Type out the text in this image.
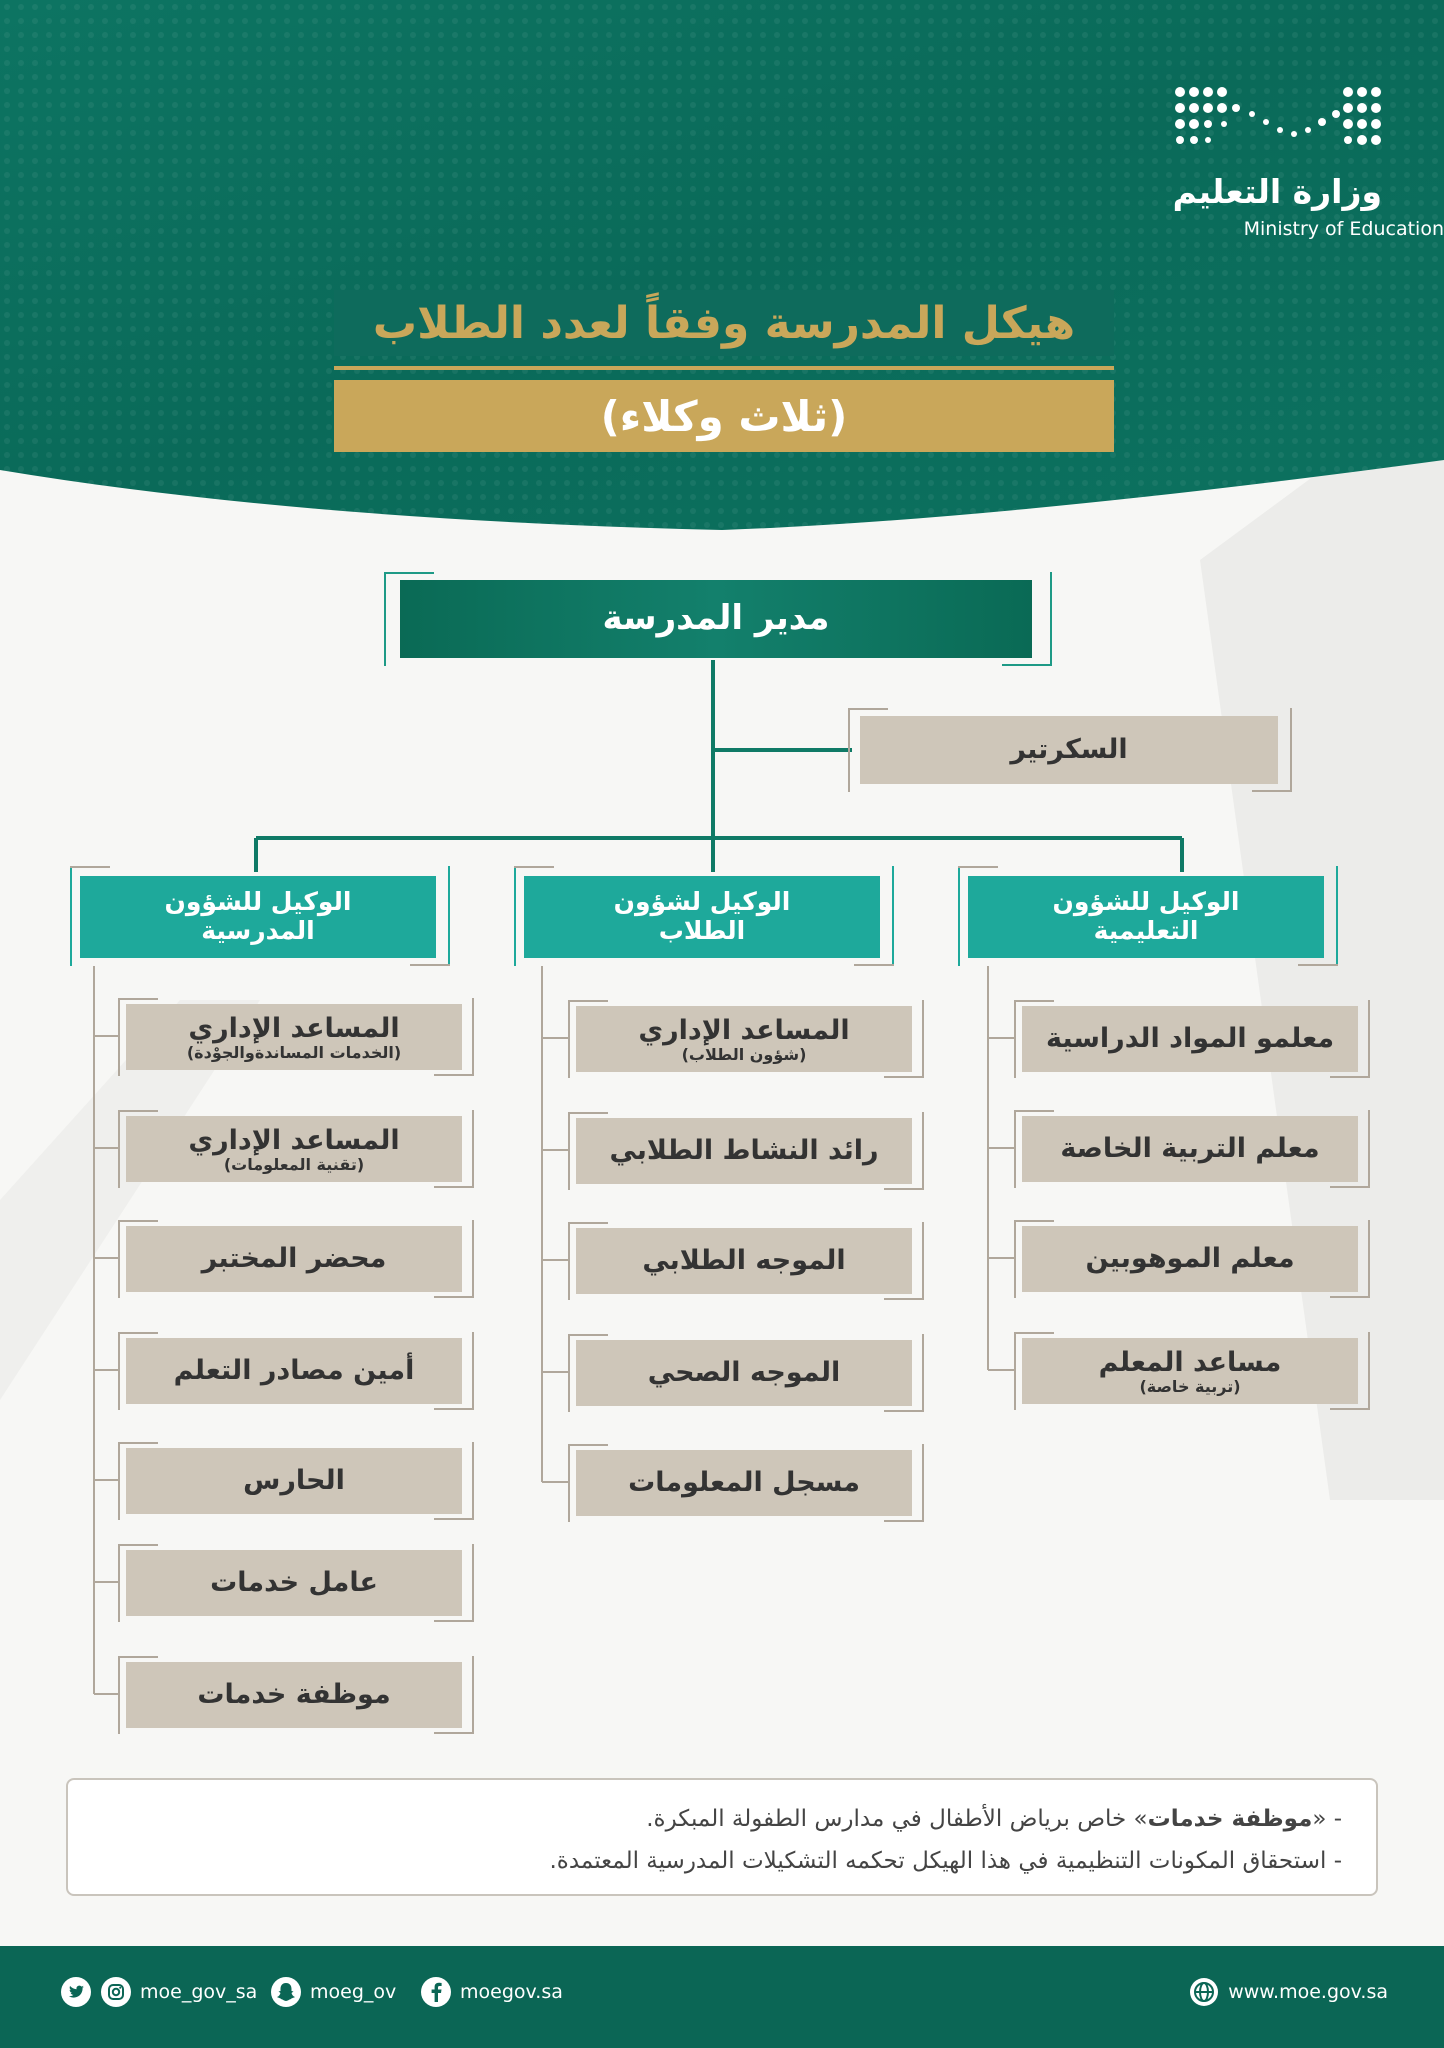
وزارة التعليم
Ministry of Education
هيكل المدرسة وفقاً لعدد الطلاب
(ثلاث وكلاء)
مدير المدرسة
السكرتير
الوكيل للشؤون
التعليمية
الوكيل لشؤون
الطلاب
الوكيل للشؤون
المدرسية
معلمو المواد الدراسية
معلم التربية الخاصة
معلم الموهوبين
مساعد المعلم
(تربية خاصة)
المساعد الإداري
(شؤون الطلاب)
رائد النشاط الطلابي
الموجه الطلابي
الموجه الصحي
مسجل المعلومات
المساعد الإداري
(الخدمات المساندةوالجوْدة)
المساعد الإداري
(تقنية المعلومات)
محضر المختبر
أمين مصادر التعلم
الحارس
عامل خدمات
موظفة خدمات
- «موظفة خدمات» خاص برياض الأطفال في مدارس الطفولة المبكرة.
- استحقاق المكونات التنظيمية في هذا الهيكل تحكمه التشكيلات المدرسية المعتمدة.
www.moe.gov.sa
moegov.sa
moeg_ov
moe_gov_sa
